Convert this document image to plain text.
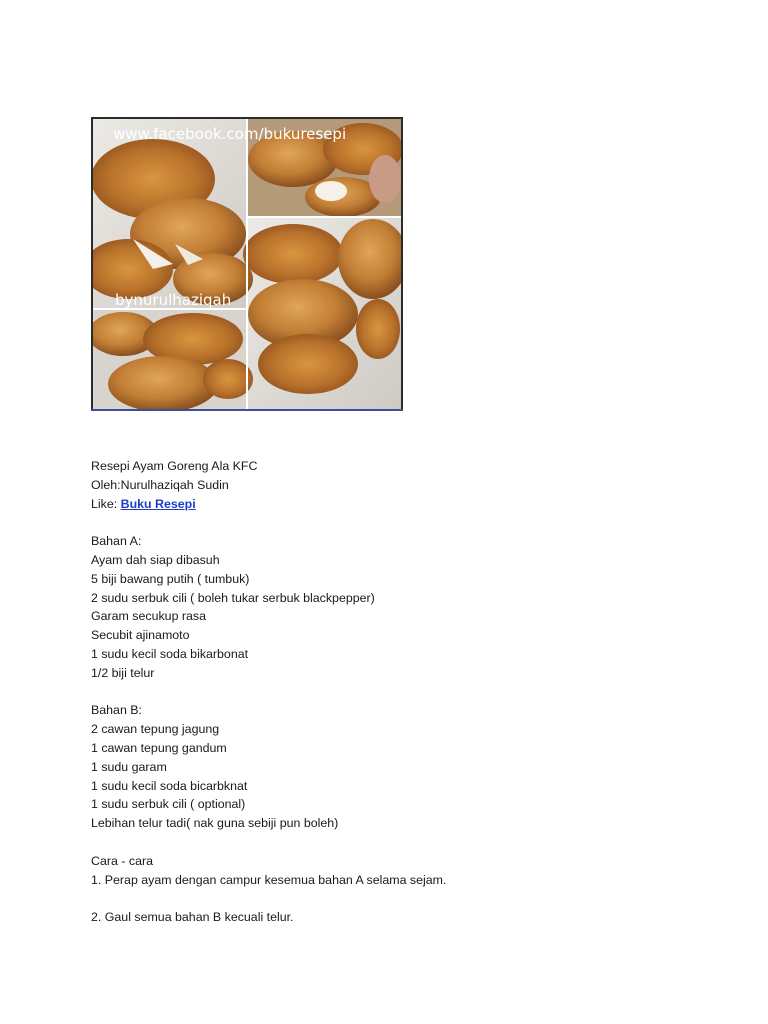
www.facebook.com/bukuresepi
bynurulhaziqah
Resepi Ayam Goreng Ala KFC
Oleh:Nurulhaziqah Sudin
Like: Buku Resepi
Bahan A:
Ayam dah siap dibasuh
5 biji bawang putih ( tumbuk)
2 sudu serbuk cili ( boleh tukar serbuk blackpepper)
Garam secukup rasa
Secubit ajinamoto
1 sudu kecil soda bikarbonat
1/2 biji telur
Bahan B:
2 cawan tepung jagung
1 cawan tepung gandum
1 sudu garam
1 sudu kecil soda bicarbknat
1 sudu serbuk cili ( optional)
Lebihan telur tadi( nak guna sebiji pun boleh)
Cara - cara
1. Perap ayam dengan campur kesemua bahan A selama sejam.
2. Gaul semua bahan B kecuali telur.
